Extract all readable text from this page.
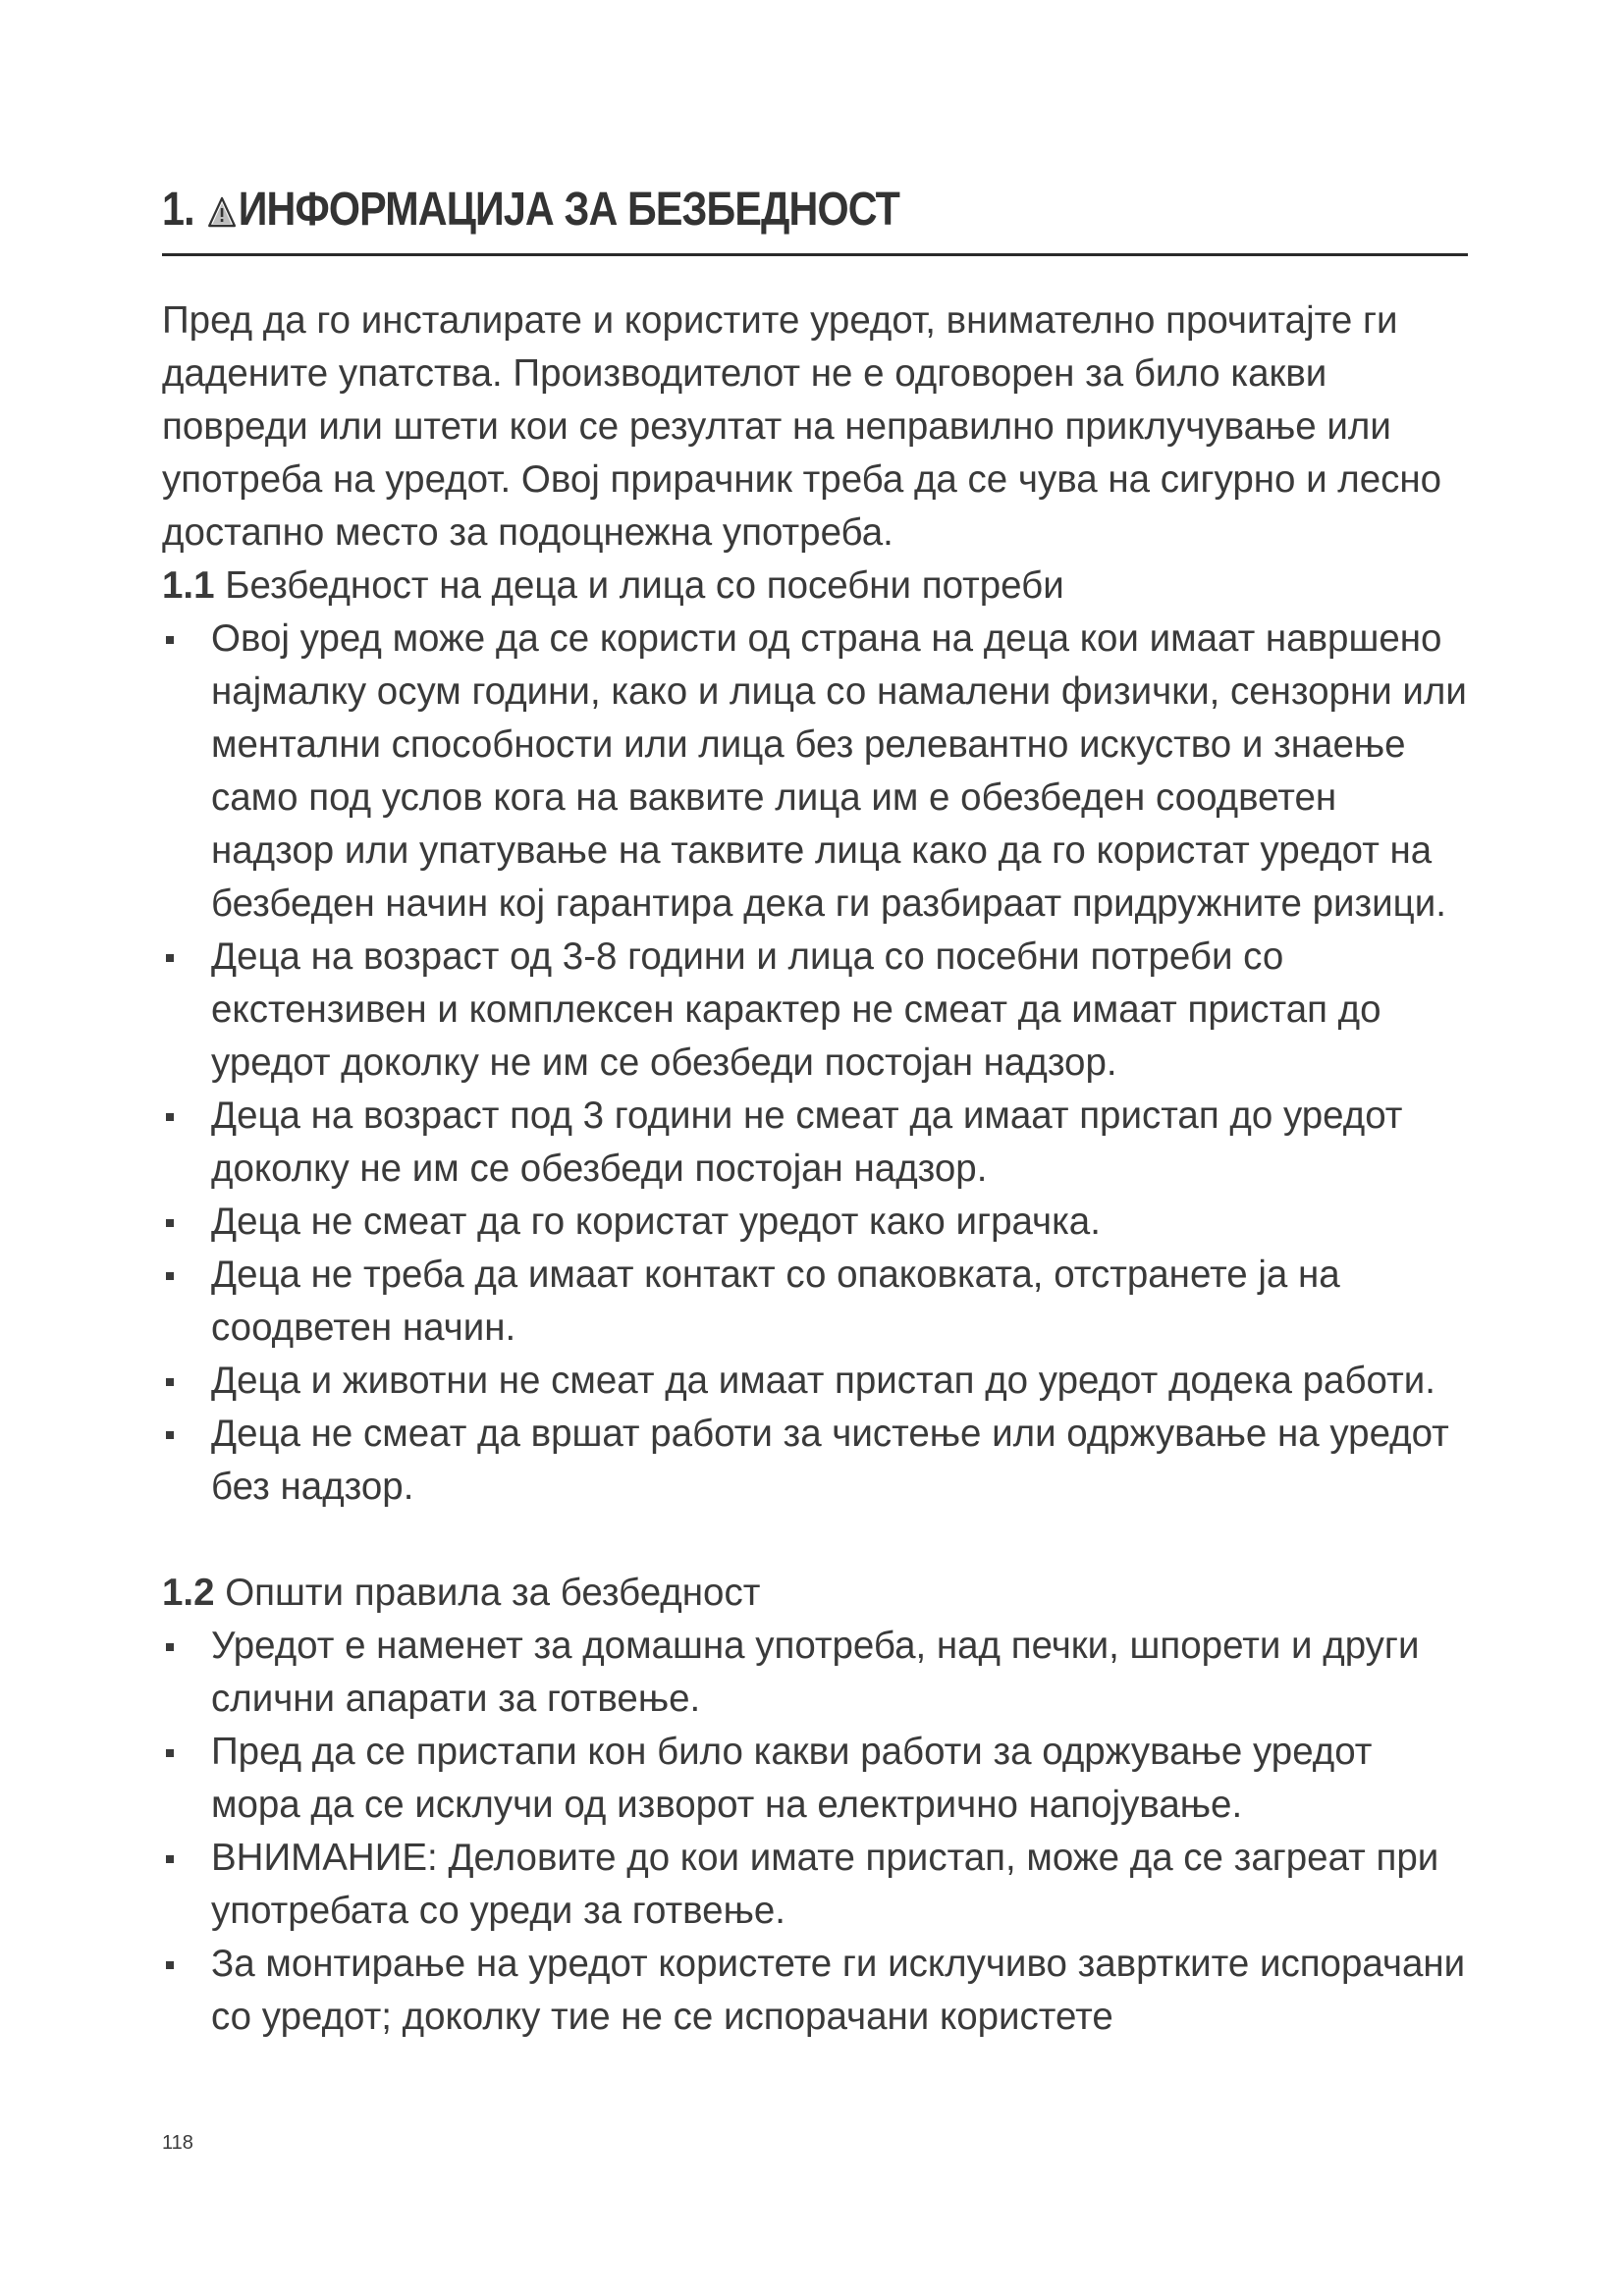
1. ИНФОРМАЦИЈА ЗА БЕЗБЕДНОСТ

Пред да го инсталирате и користите уредот, внимателно прочитајте ги дадените упатства. Производителот не е одговорен за било какви повреди или штети кои се резултат на неправилно приклучување или употреба на уредот. Овој прирачник треба да се чува на сигурно и лесно достапно место за подоцнежна употреба.

1.1 Безбедност на деца и лица со посебни потреби
Овој уред може да се користи од страна на деца кои имаат навршено најмалку осум години, како и лица со намалени физички, сензорни или ментални способности или лица без релевантно искуство и знаење само под услов кога на ваквите лица им е обезбеден соодветен надзор или упатување на таквите лица како да го користат уредот на безбеден начин кој гарантира дека ги разбираат придружните ризици.
Деца на возраст од 3-8 години и лица со посебни потреби со екстензивен и комплексен карактер не смеат да имаат пристап до уредот доколку не им се обезбеди постојан надзор.
Деца на возраст под 3 години не смеат да имаат пристап до уредот доколку не им се обезбеди постојан надзор.
Деца не смеат да го користат уредот како играчка.
Деца не треба да имаат контакт со опаковката, отстранете ја на соодветен начин.
Деца и животни не смеат да имаат пристап до уредот додека работи.
Деца не смеат да вршат работи за чистење или одржување на уредот без надзор.
1.2 Општи правила за безбедност
Уредот е наменет за домашна употреба, над печки, шпорети и други слични апарати за готвење.
Пред да се пристапи кон било какви работи за одржување уредот мора да се исклучи од изворот на електрично напојување.
ВНИМАНИЕ: Деловите до кои имате пристап, може да се загреат при употребата со уреди за готвење.
За монтирање на уредот користете ги исклучиво завртките испорачани со уредот; доколку тие не се испорачани користете
118
